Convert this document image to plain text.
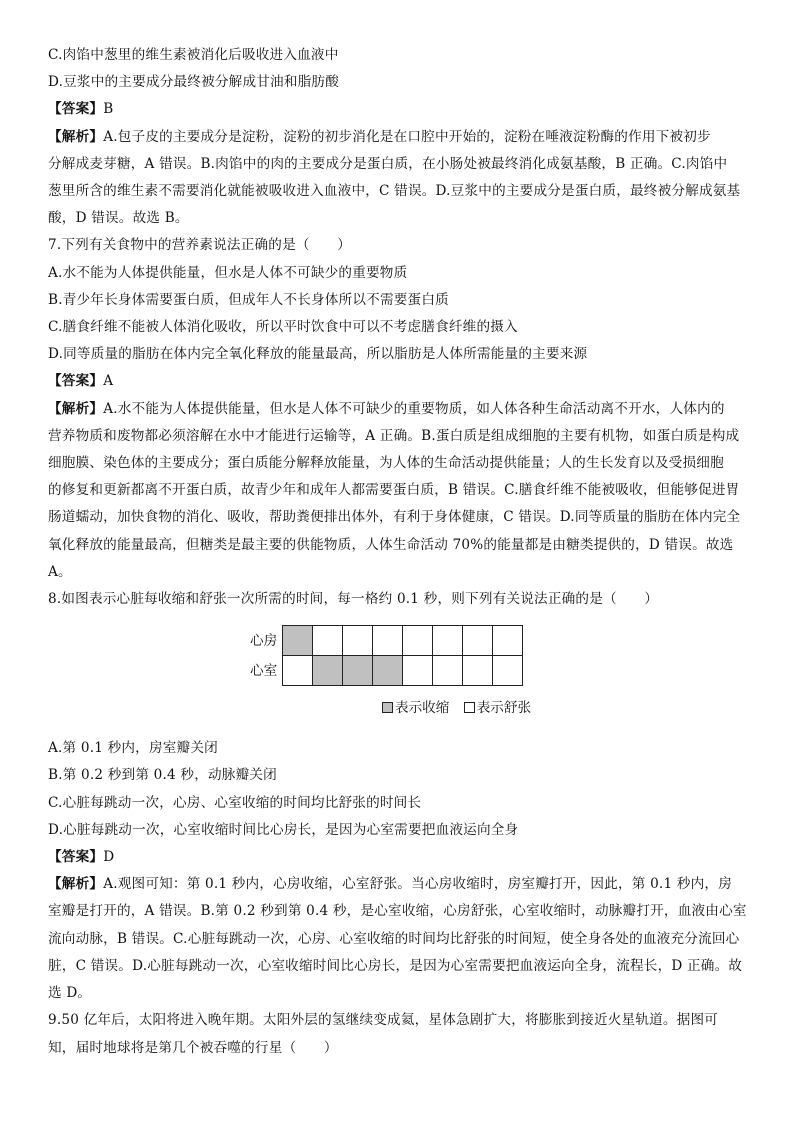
C.肉馅中葱里的维生素被消化后吸收进入血液中

D.豆浆中的主要成分最终被分解成甘油和脂肪酸

【答案】B

【解析】A.包子皮的主要成分是淀粉，淀粉的初步消化是在口腔中开始的，淀粉在唾液淀粉酶的作用下被初步

分解成麦芽糖，A 错误。B.肉馅中的肉的主要成分是蛋白质，在小肠处被最终消化成氨基酸，B 正确。C.肉馅中

葱里所含的维生素不需要消化就能被吸收进入血液中，C 错误。D.豆浆中的主要成分是蛋白质，最终被分解成氨基

酸，D 错误。故选 B。

7.下列有关食物中的营养素说法正确的是（　　）

A.水不能为人体提供能量，但水是人体不可缺少的重要物质

B.青少年长身体需要蛋白质，但成年人不长身体所以不需要蛋白质

C.膳食纤维不能被人体消化吸收，所以平时饮食中可以不考虑膳食纤维的摄入

D.同等质量的脂肪在体内完全氧化释放的能量最高，所以脂肪是人体所需能量的主要来源

【答案】A

【解析】A.水不能为人体提供能量，但水是人体不可缺少的重要物质，如人体各种生命活动离不开水，人体内的

营养物质和废物都必须溶解在水中才能进行运输等，A 正确。B.蛋白质是组成细胞的主要有机物，如蛋白质是构成

细胞膜、染色体的主要成分；蛋白质能分解释放能量，为人体的生命活动提供能量；人的生长发育以及受损细胞

的修复和更新都离不开蛋白质，故青少年和成年人都需要蛋白质，B 错误。C.膳食纤维不能被吸收，但能够促进胃

肠道蠕动，加快食物的消化、吸收，帮助粪便排出体外，有利于身体健康，C 错误。D.同等质量的脂肪在体内完全

氧化释放的能量最高，但糖类是最主要的供能物质，人体生命活动 70%的能量都是由糖类提供的，D 错误。故选

A。

8.如图表示心脏每收缩和舒张一次所需的时间，每一格约 0.1 秒，则下列有关说法正确的是（　　）

心房
心室
表示收缩 表示舒张

A.第 0.1 秒内，房室瓣关闭

B.第 0.2 秒到第 0.4 秒，动脉瓣关闭

C.心脏每跳动一次，心房、心室收缩的时间均比舒张的时间长

D.心脏每跳动一次，心室收缩时间比心房长，是因为心室需要把血液运向全身

【答案】D

【解析】A.观图可知：第 0.1 秒内，心房收缩，心室舒张。当心房收缩时，房室瓣打开，因此，第 0.1 秒内，房

室瓣是打开的，A 错误。B.第 0.2 秒到第 0.4 秒，是心室收缩，心房舒张，心室收缩时，动脉瓣打开，血液由心室

流向动脉，B 错误。C.心脏每跳动一次，心房、心室收缩的时间均比舒张的时间短，使全身各处的血液充分流回心

脏，C 错误。D.心脏每跳动一次，心室收缩时间比心房长，是因为心室需要把血液运向全身，流程长，D 正确。故

选 D。

9.50 亿年后，太阳将进入晚年期。太阳外层的氢继续变成氦，星体急剧扩大，将膨胀到接近火星轨道。据图可

知，届时地球将是第几个被吞噬的行星（　　）
